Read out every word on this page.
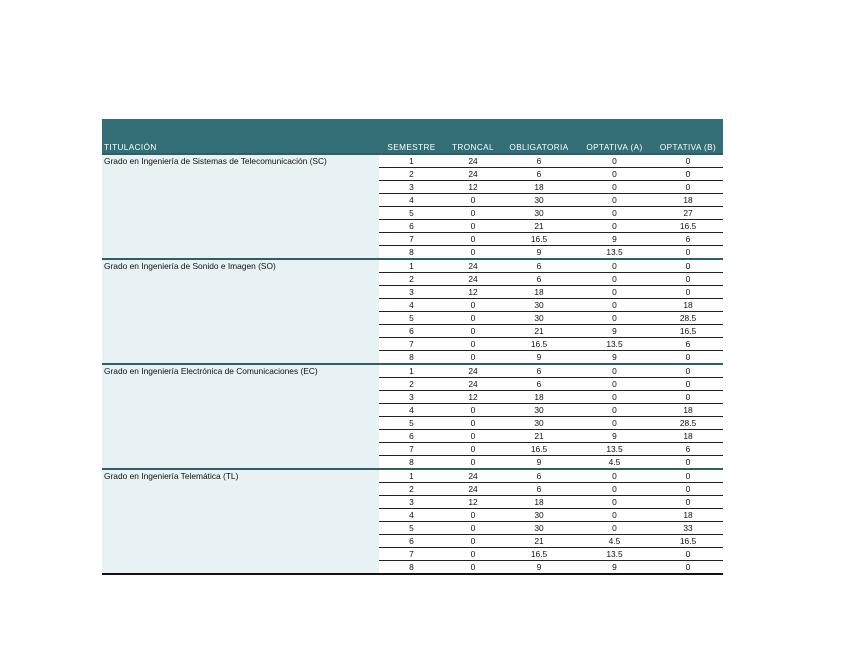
TITULACIÓN	SEMESTRE	TRONCAL	OBLIGATORIA	OPTATIVA (A)	OPTATIVA (B)
Grado en Ingeniería de Sistemas de Telecomunicación (SC)	1	24	6	0	0
	2	24	6	0	0
	3	12	18	0	0
	4	0	30	0	18
	5	0	30	0	27
	6	0	21	0	16.5
	7	0	16.5	9	6
	8	0	9	13.5	0
Grado en Ingeniería de Sonido e Imagen (SO)	1	24	6	0	0
	2	24	6	0	0
	3	12	18	0	0
	4	0	30	0	18
	5	0	30	0	28.5
	6	0	21	9	16.5
	7	0	16.5	13.5	6
	8	0	9	9	0
Grado en Ingeniería Electrónica de Comunicaciones (EC)	1	24	6	0	0
	2	24	6	0	0
	3	12	18	0	0
	4	0	30	0	18
	5	0	30	0	28.5
	6	0	21	9	18
	7	0	16.5	13.5	6
	8	0	9	4.5	0
Grado en Ingeniería Telemática (TL)	1	24	6	0	0
	2	24	6	0	0
	3	12	18	0	0
	4	0	30	0	18
	5	0	30	0	33
	6	0	21	4.5	16.5
	7	0	16.5	13.5	0
	8	0	9	9	0
